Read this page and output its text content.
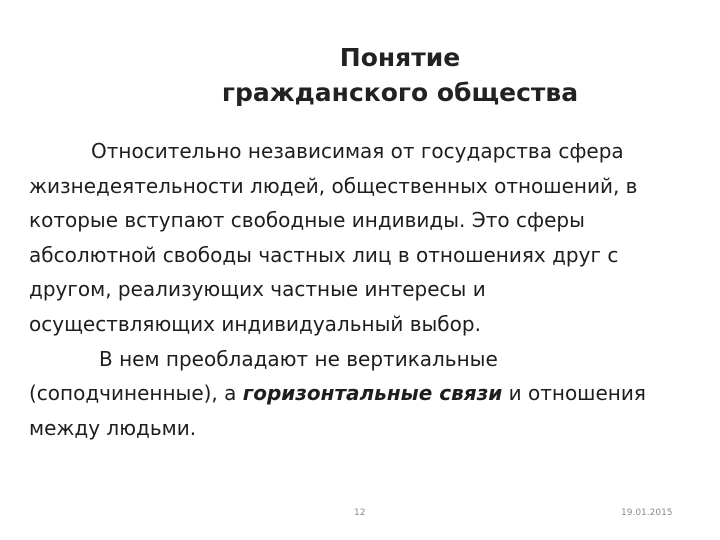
Понятие
гражданского общества
Относительно независимая от государства сфера
жизнедеятельности людей, общественных отношений, в
которые вступают свободные индивиды. Это сферы
абсолютной свободы частных лиц в отношениях друг с
другом, реализующих частные интересы и
осуществляющих индивидуальный выбор.
В нем преобладают не вертикальные
(соподчиненные), а горизонтальные связи и отношения
между людьми.
12	19.01.2015
